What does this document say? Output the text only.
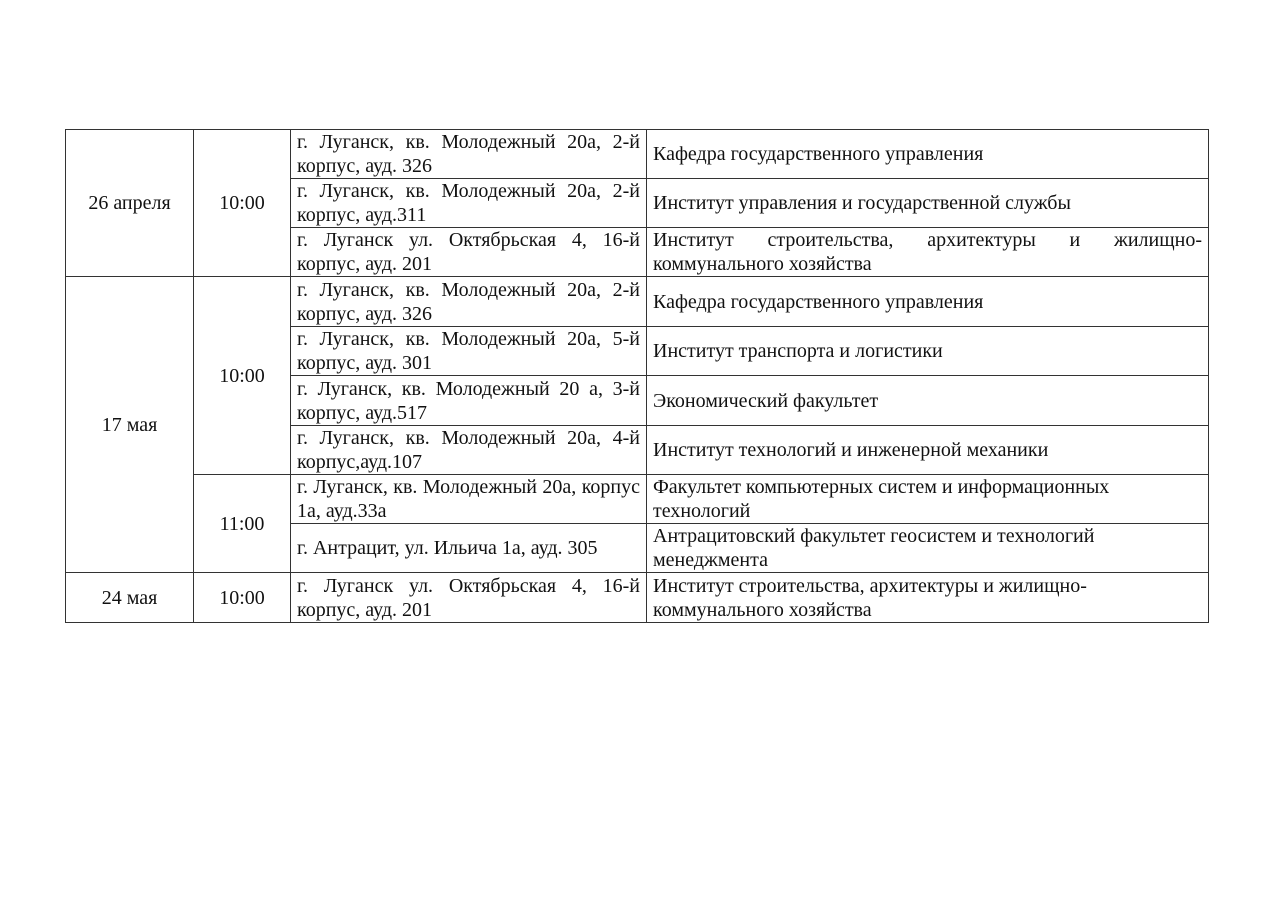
26 апреля	10:00	г. Луганск, кв. Молодежный 20а, 2-й корпус, ауд. 326	Кафедра государственного управления
		г. Луганск, кв. Молодежный 20а, 2-й корпус, ауд.311	Институт управления и государственной службы
		г. Луганск ул. Октябрьская 4, 16-й корпус, ауд. 201	Институт строительства, архитектуры и жилищно-коммунального хозяйства
17 мая	10:00	г. Луганск, кв. Молодежный 20а, 2-й корпус, ауд. 326	Кафедра государственного управления
		г. Луганск, кв. Молодежный 20а, 5-й корпус, ауд. 301	Институт транспорта и логистики
		г. Луганск, кв. Молодежный 20 а, 3-й корпус, ауд.517	Экономический факультет
		г. Луганск, кв. Молодежный 20а, 4-й корпус,ауд.107	Институт технологий и инженерной механики
	11:00	г. Луганск, кв. Молодежный 20а, корпус 1а, ауд.33а	Факультет компьютерных систем и информационных технологий
		г. Антрацит, ул. Ильича 1а, ауд. 305	Антрацитовский факультет геосистем и технологий менеджмента
24 мая	10:00	г. Луганск ул. Октябрьская 4, 16-й корпус, ауд. 201	Институт строительства, архитектуры и жилищно-коммунального хозяйства
